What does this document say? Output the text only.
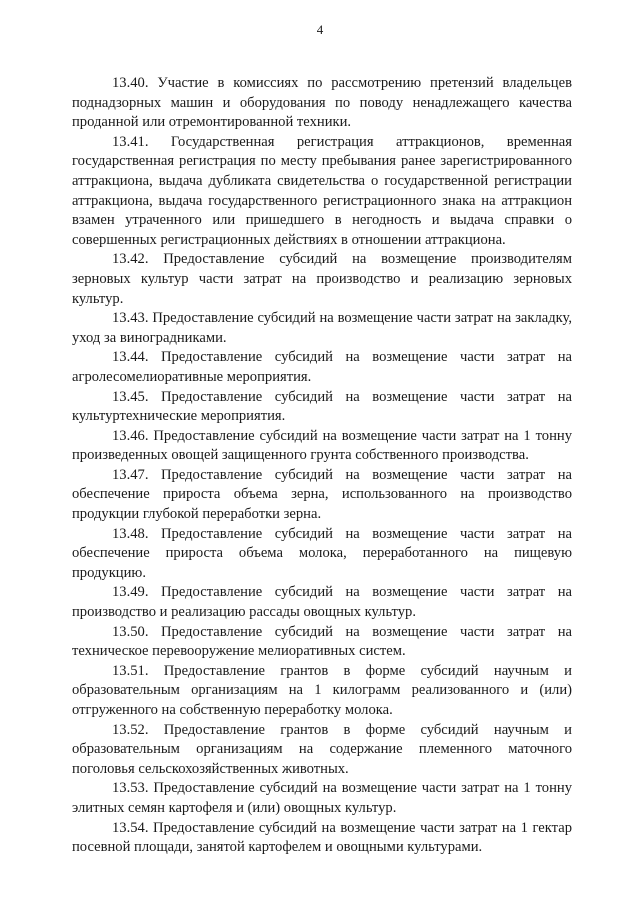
4

13.40. Участие в комиссиях по рассмотрению претензий владельцев поднадзорных машин и оборудования по поводу ненадлежащего качества проданной или отремонтированной техники.

13.41. Государственная регистрация аттракционов, временная государственная регистрация по месту пребывания ранее зарегистрированного аттракциона, выдача дубликата свидетельства о государственной регистрации аттракциона, выдача государственного регистрационного знака на аттракцион взамен утраченного или пришедшего в негодность и выдача справки о совершенных регистрационных действиях в отношении аттракциона.

13.42. Предоставление субсидий на возмещение производителям зерновых культур части затрат на производство и реализацию зерновых культур.

13.43. Предоставление субсидий на возмещение части затрат на закладку, уход за виноградниками.

13.44. Предоставление субсидий на возмещение части затрат на агролесомелиоративные мероприятия.

13.45. Предоставление субсидий на возмещение части затрат на культуртехнические мероприятия.

13.46. Предоставление субсидий на возмещение части затрат на 1 тонну произведенных овощей защищенного грунта собственного производства.

13.47. Предоставление субсидий на возмещение части затрат на обеспечение прироста объема зерна, использованного на производство продукции глубокой переработки зерна.

13.48. Предоставление субсидий на возмещение части затрат на обеспечение прироста объема молока, переработанного на пищевую продукцию.

13.49. Предоставление субсидий на возмещение части затрат на производство и реализацию рассады овощных культур.

13.50. Предоставление субсидий на возмещение части затрат на техническое перевооружение мелиоративных систем.

13.51. Предоставление грантов в форме субсидий научным и образовательным организациям на 1 килограмм реализованного и (или) отгруженного на собственную переработку молока.

13.52. Предоставление грантов в форме субсидий научным и образовательным организациям на содержание племенного маточного поголовья сельскохозяйственных животных.

13.53. Предоставление субсидий на возмещение части затрат на 1 тонну элитных семян картофеля и (или) овощных культур.

13.54. Предоставление субсидий на возмещение части затрат на 1 гектар посевной площади, занятой картофелем и овощными культурами.
